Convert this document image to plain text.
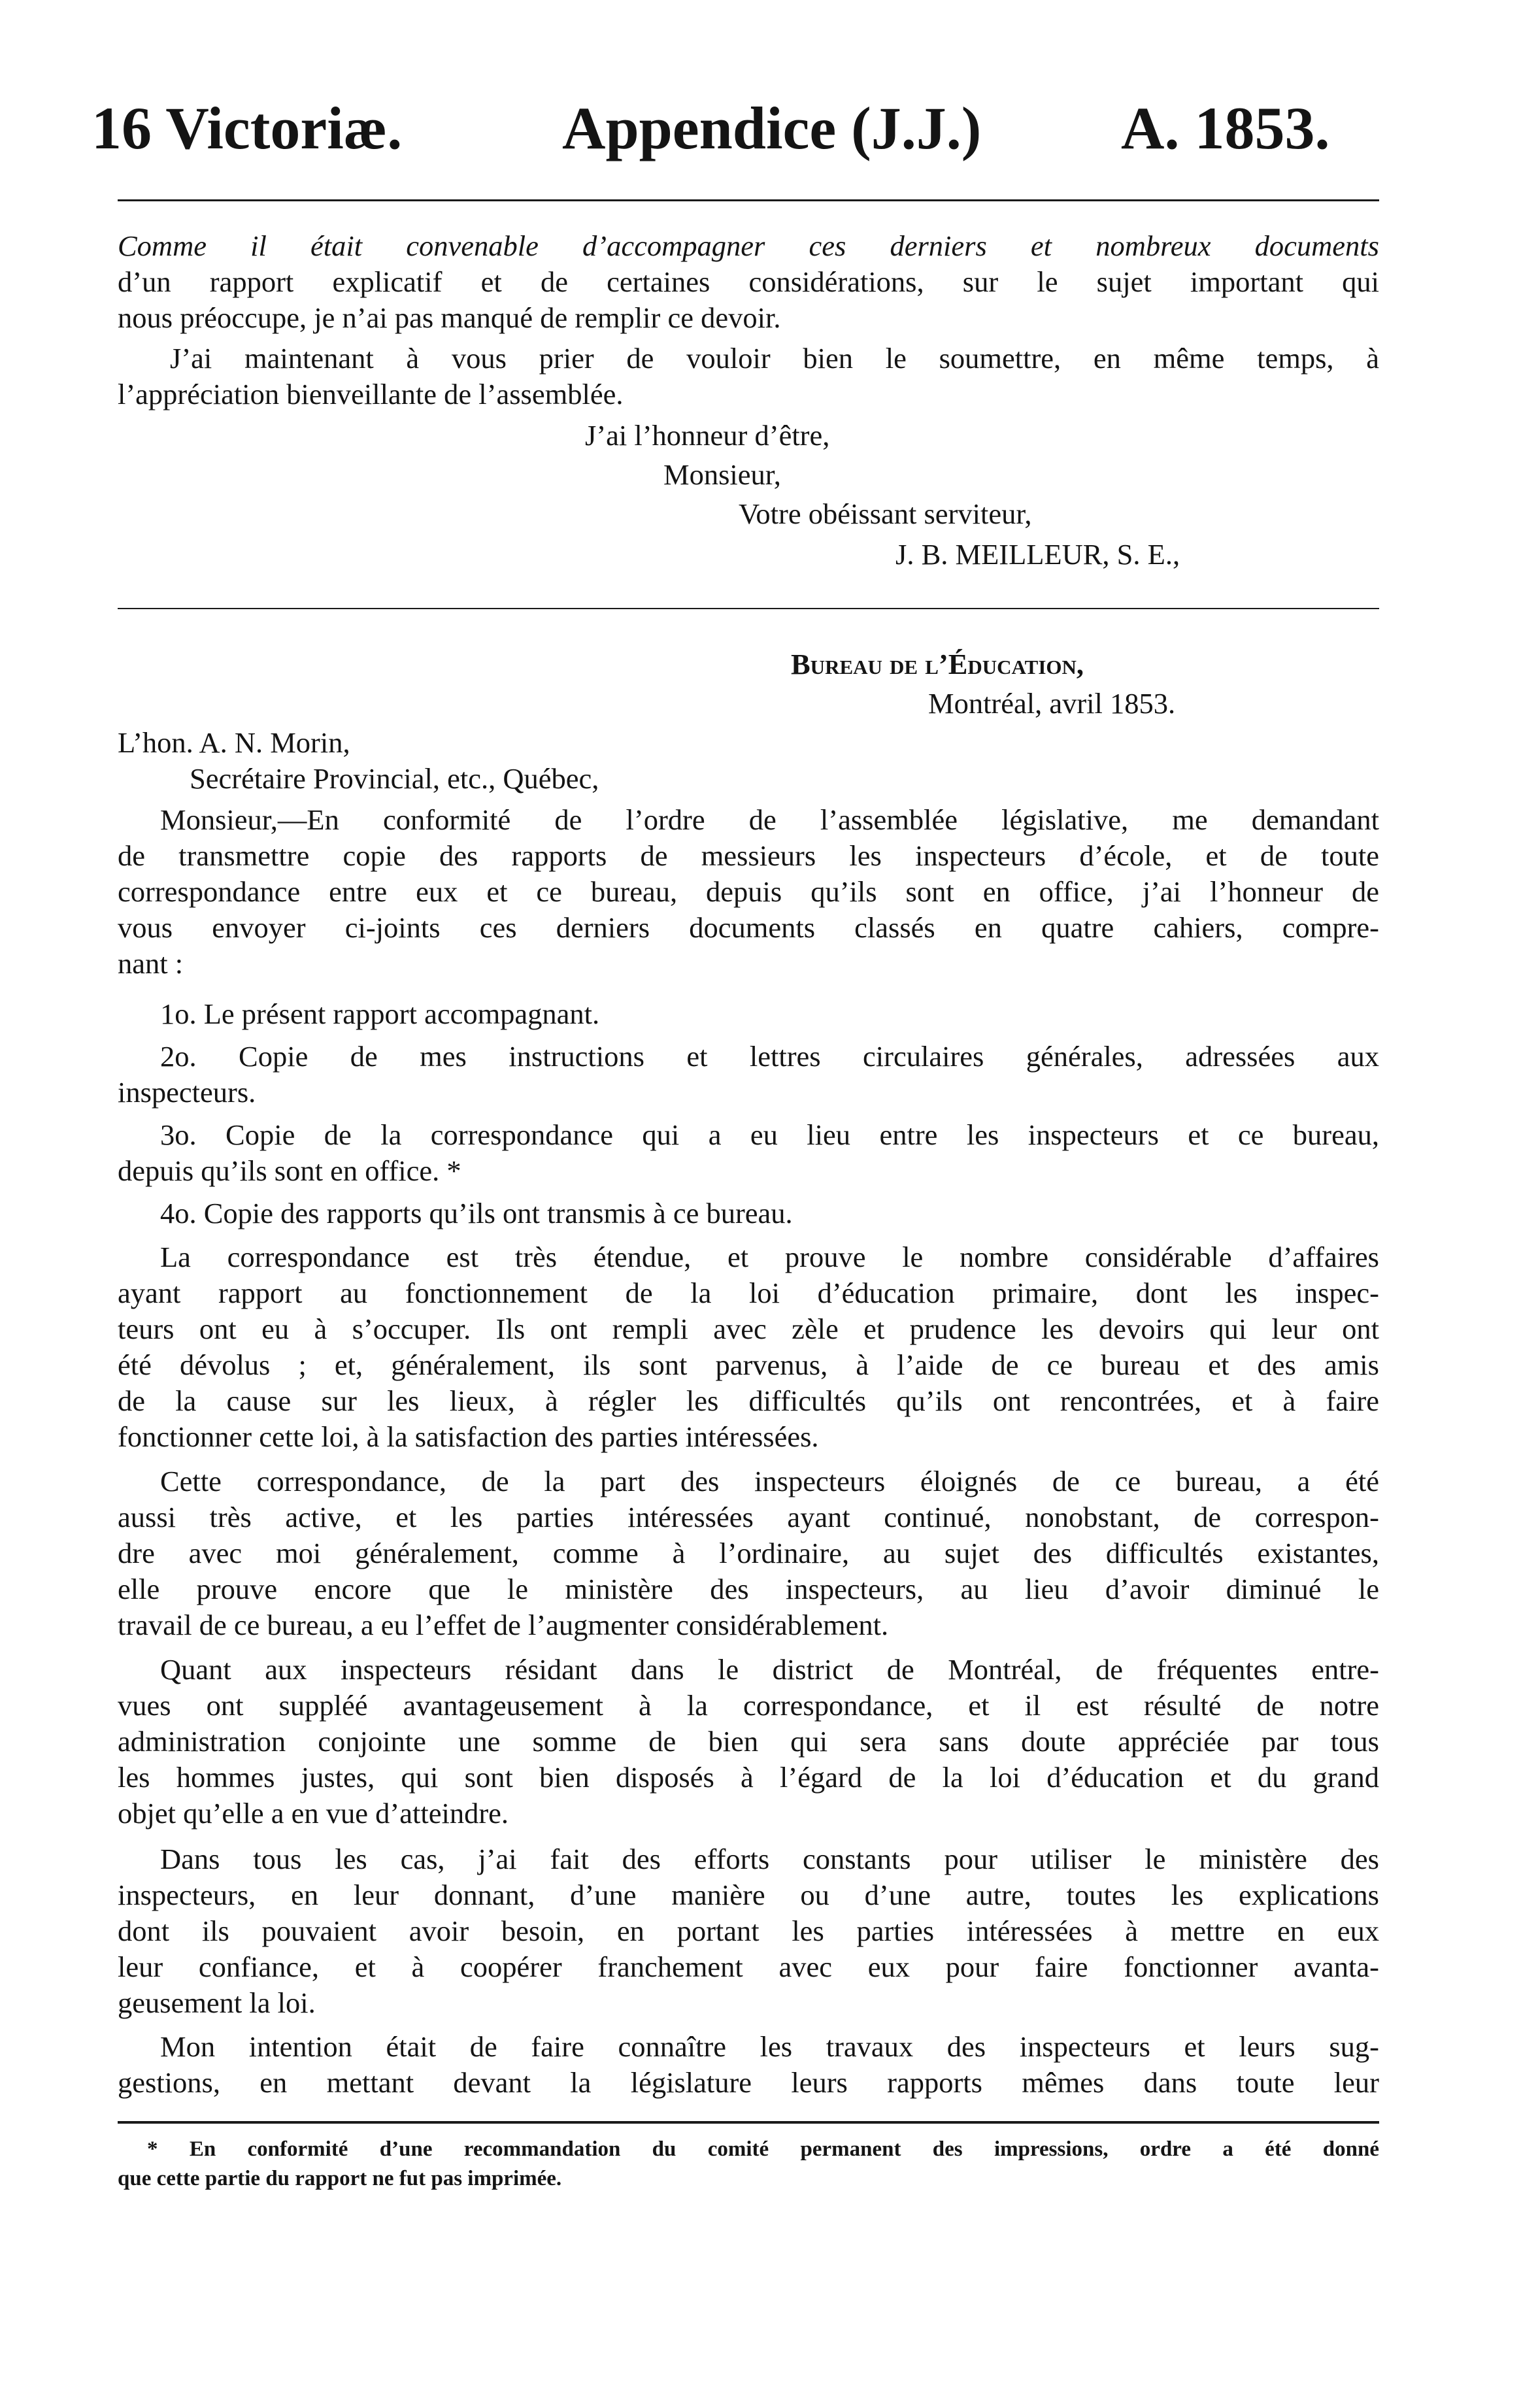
16 Victoriæ.	Appendice (J.J.) A. 1853.
Comme il était convenable d’accompagner ces derniers et nombreux documents
d’un rapport explicatif et de certaines considérations, sur le sujet important qui
nous préoccupe, je n’ai pas manqué de remplir ce devoir.
J’ai maintenant à vous prier de vouloir bien le soumettre, en même temps, à
l’appréciation bienveillante de l’assemblée.
J’ai l’honneur d’être,
Monsieur,
Votre obéissant serviteur,
J. B. MEILLEUR, S. E.,
Bureau de l’Éducation,
Montréal, avril 1853.
L’hon. A. N. Morin,
Secrétaire Provincial, etc., Québec,
Monsieur,—En conformité de l’ordre de l’assemblée législative, me demandant
de transmettre copie des rapports de messieurs les inspecteurs d’école, et de toute
correspondance entre eux et ce bureau, depuis qu’ils sont en office, j’ai l’honneur de
vous envoyer ci-joints ces derniers documents classés en quatre cahiers, compre-
nant :
1o. Le présent rapport accompagnant.
2o. Copie de mes instructions et lettres circulaires générales, adressées aux
inspecteurs.
3o. Copie de la correspondance qui a eu lieu entre les inspecteurs et ce bureau,
depuis qu’ils sont en office. *
4o. Copie des rapports qu’ils ont transmis à ce bureau.
La correspondance est très étendue, et prouve le nombre considérable d’affaires
ayant rapport au fonctionnement de la loi d’éducation primaire, dont les inspec-
teurs ont eu à s’occuper. Ils ont rempli avec zèle et prudence les devoirs qui leur ont
été dévolus ; et, généralement, ils sont parvenus, à l’aide de ce bureau et des amis
de la cause sur les lieux, à régler les difficultés qu’ils ont rencontrées, et à faire
fonctionner cette loi, à la satisfaction des parties intéressées.
Cette correspondance, de la part des inspecteurs éloignés de ce bureau, a été
aussi très active, et les parties intéressées ayant continué, nonobstant, de correspon-
dre avec moi généralement, comme à l’ordinaire, au sujet des difficultés existantes,
elle prouve encore que le ministère des inspecteurs, au lieu d’avoir diminué le
travail de ce bureau, a eu l’effet de l’augmenter considérablement.
Quant aux inspecteurs résidant dans le district de Montréal, de fréquentes entre-
vues ont suppléé avantageusement à la correspondance, et il est résulté de notre
administration conjointe une somme de bien qui sera sans doute appréciée par tous
les hommes justes, qui sont bien disposés à l’égard de la loi d’éducation et du grand
objet qu’elle a en vue d’atteindre.
Dans tous les cas, j’ai fait des efforts constants pour utiliser le ministère des
inspecteurs, en leur donnant, d’une manière ou d’une autre, toutes les explications
dont ils pouvaient avoir besoin, en portant les parties intéressées à mettre en eux
leur confiance, et à coopérer franchement avec eux pour faire fonctionner avanta-
geusement la loi.
Mon intention était de faire connaître les travaux des inspecteurs et leurs sug-
gestions, en mettant devant la législature leurs rapports mêmes dans toute leur
* En conformité d’une recommandation du comité permanent des impressions, ordre a été donné
que cette partie du rapport ne fut pas imprimée.
